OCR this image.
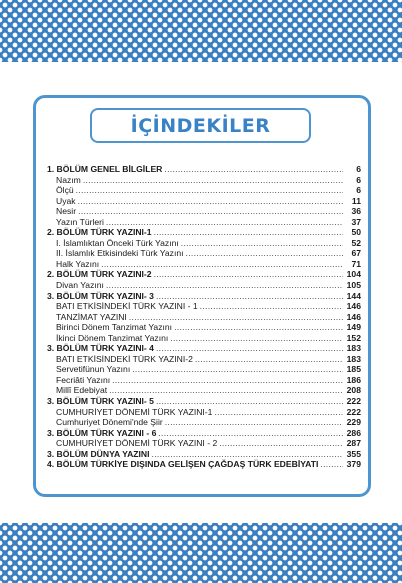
İÇİNDEKİLER
1. BÖLÜM GENEL BİLGİLER .....	6
Nazım .....	6
Ölçü .....	6
Uyak .....	11
Nesir .....	36
Yazın Türleri .....	37
2. BÖLÜM TÜRK YAZINI-1 .....	50
I. İslamlıktan Önceki Türk Yazını .....	52
II. İslamlık Etkisindeki Türk Yazını .....	67
Halk Yazını .....	71
2. BÖLÜM TÜRK YAZINI-2 .....	104
Divan Yazını .....	105
3. BÖLÜM TÜRK YAZINI- 3 .....	144
BATI ETKİSİNDEKİ TÜRK YAZINI - 1 .....	146
TANZİMAT YAZINI .....	146
Birinci Dönem Tanzimat Yazını .....	149
İkinci Dönem Tanzimat Yazını .....	152
3. BÖLÜM TÜRK YAZINI- 4 .....	183
BATI ETKİSİNDEKİ TÜRK YAZINI-2 .....	183
Servetifünun Yazını .....	185
Fecriâti Yazını .....	186
Millî Edebiyat .....	208
3. BÖLÜM TÜRK YAZINI- 5 .....	222
CUMHURİYET DÖNEMİ TÜRK YAZINI-1 .....	222
Cumhuriyet Dönemi'nde Şiir .....	229
3. BÖLÜM TÜRK YAZINI - 6 .....	286
CUMHURİYET DÖNEMİ TÜRK YAZINI - 2 .....	287
3. BÖLÜM DÜNYA YAZINI .....	355
4. BÖLÜM TÜRKİYE DIŞINDA GELİŞEN ÇAĞDAŞ TÜRK EDEBİYATI .....	379
